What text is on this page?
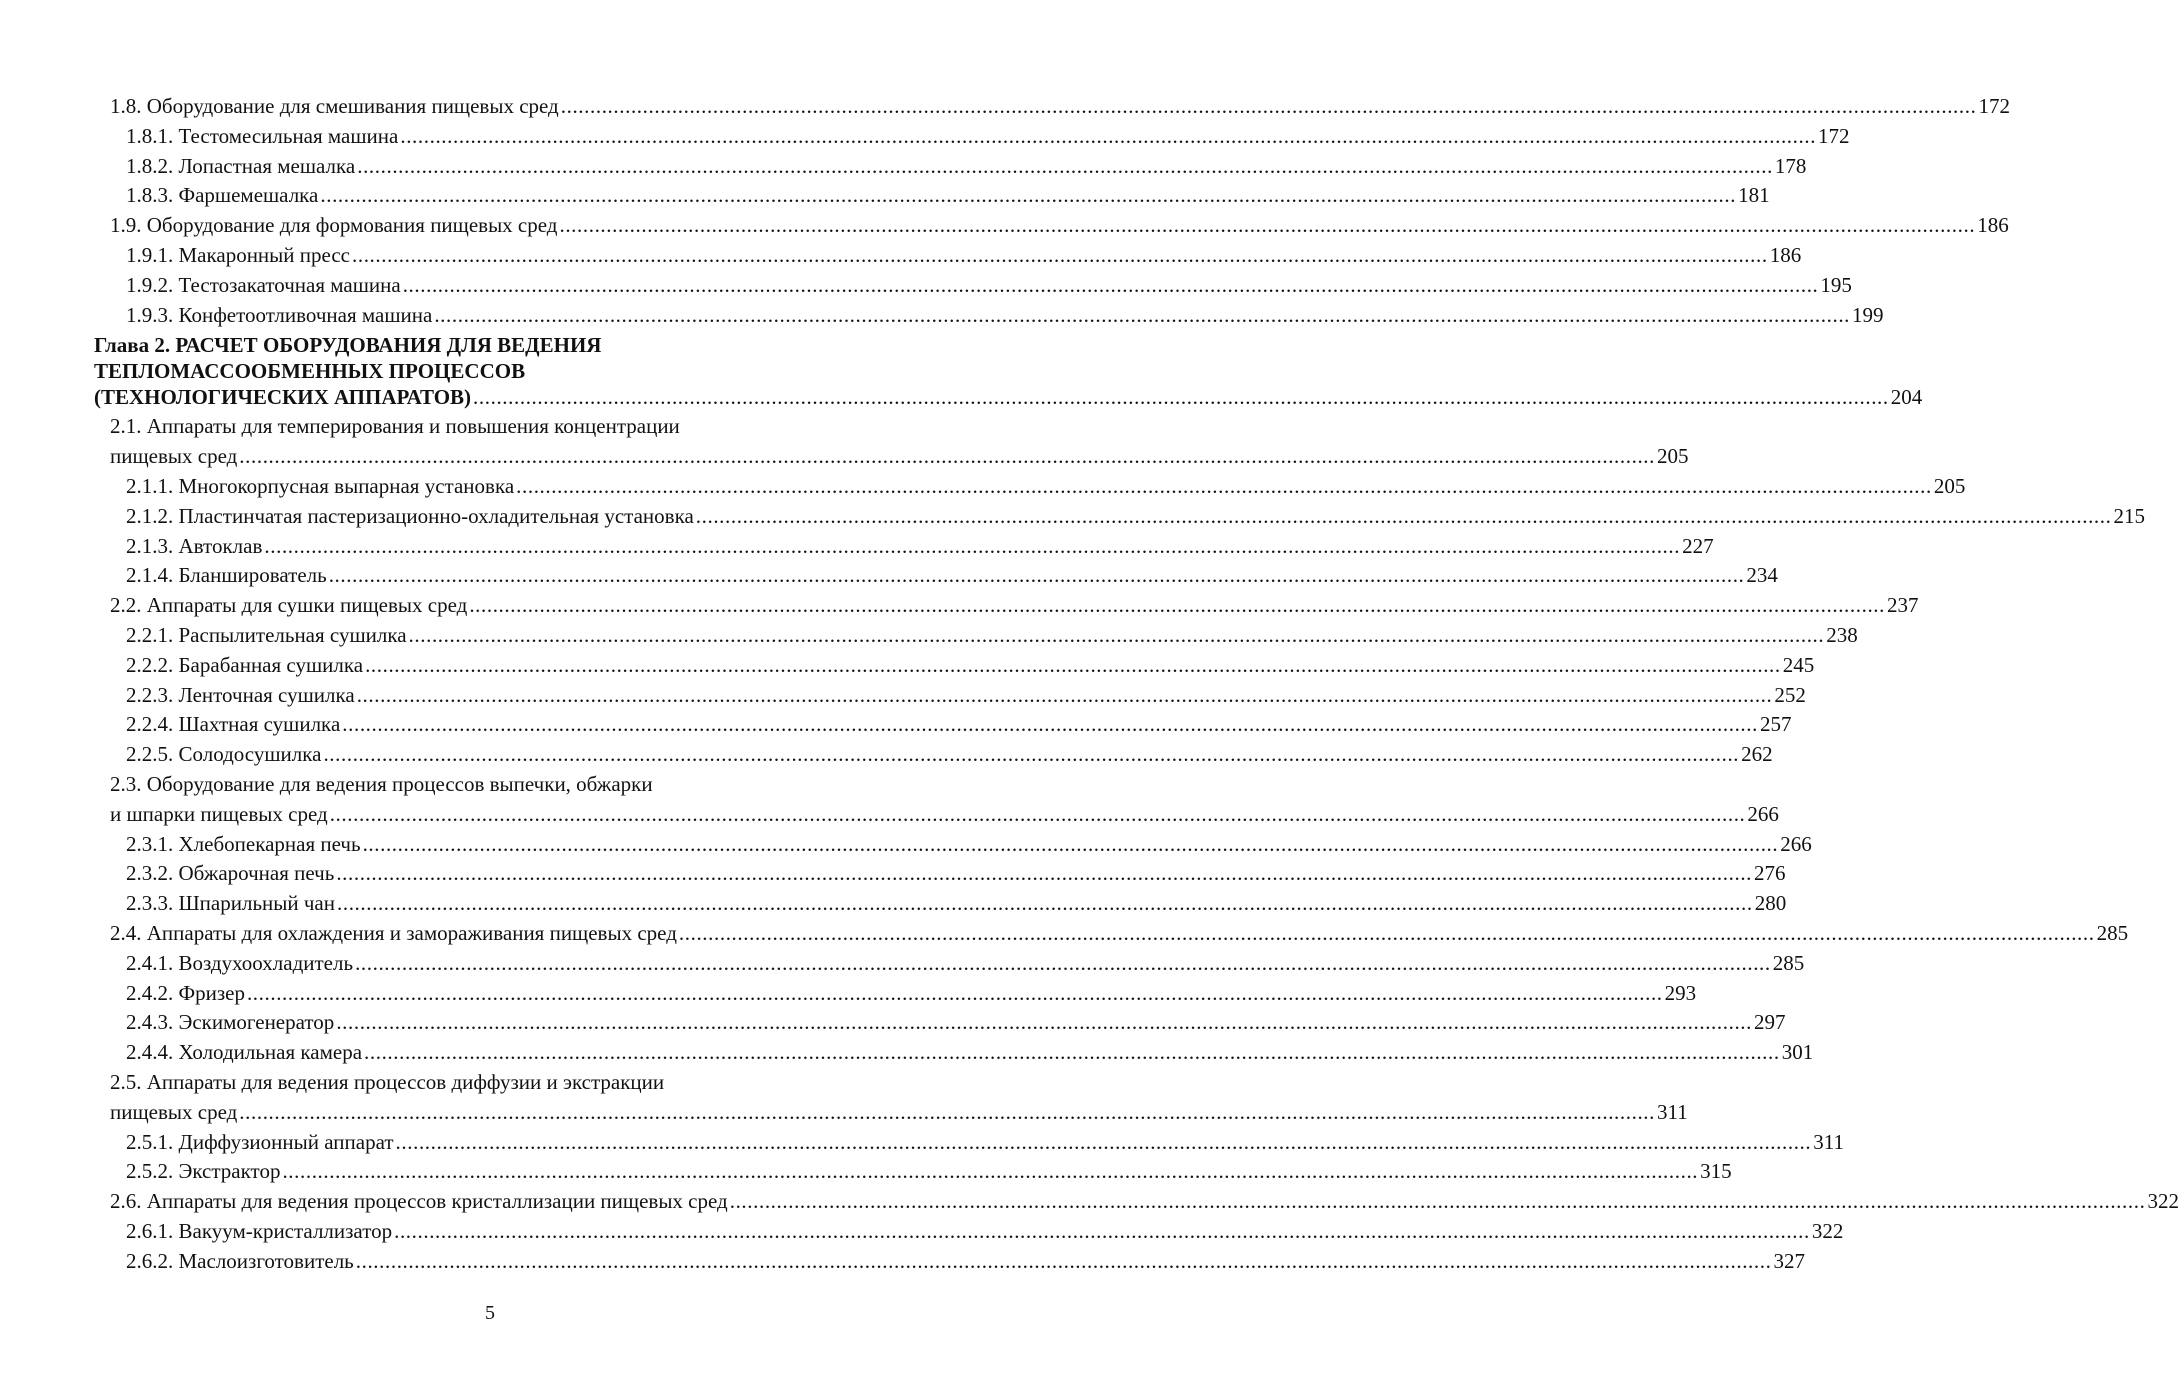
1.8. Оборудование для смешивания пищевых сред .....	172
1.8.1. Тестомесильная машина .....	172
1.8.2. Лопастная мешалка .....	178
1.8.3. Фаршемешалка .....	181
1.9. Оборудование для формования пищевых сред .....	186
1.9.1. Макаронный пресс .....	186
1.9.2. Тестозакаточная машина .....	195
1.9.3. Конфетоотливочная машина .....	199
Глава 2. РАСЧЕТ ОБОРУДОВАНИЯ ДЛЯ ВЕДЕНИЯ
ТЕПЛОМАССООБМЕННЫХ ПРОЦЕССОВ
(ТЕХНОЛОГИЧЕСКИХ АППАРАТОВ) .....	204
2.1. Аппараты для темперирования и повышения концентрации
пищевых сред .....	205
2.1.1. Многокорпусная выпарная установка .....	205
2.1.2. Пластинчатая пастеризационно-охладительная установка .....	215
2.1.3. Автоклав .....	227
2.1.4. Бланширователь .....	234
2.2. Аппараты для сушки пищевых сред .....	237
2.2.1. Распылительная сушилка .....	238
2.2.2. Барабанная сушилка .....	245
2.2.3. Ленточная сушилка .....	252
2.2.4. Шахтная сушилка .....	257
2.2.5. Солодосушилка .....	262
2.3. Оборудование для ведения процессов выпечки, обжарки
и шпарки пищевых сред .....	266
2.3.1. Хлебопекарная печь .....	266
2.3.2. Обжарочная печь .....	276
2.3.3. Шпарильный чан .....	280
2.4. Аппараты для охлаждения и замораживания пищевых сред .....	285
2.4.1. Воздухоохладитель .....	285
2.4.2. Фризер .....	293
2.4.3. Эскимогенератор .....	297
2.4.4. Холодильная камера .....	301
2.5. Аппараты для ведения процессов диффузии и экстракции
пищевых сред .....	311
2.5.1. Диффузионный аппарат .....	311
2.5.2. Экстрактор .....	315
2.6. Аппараты для ведения процессов кристаллизации пищевых сред .....	322
2.6.1. Вакуум-кристаллизатор .....	322
2.6.2. Маслоизготовитель .....	327
5
